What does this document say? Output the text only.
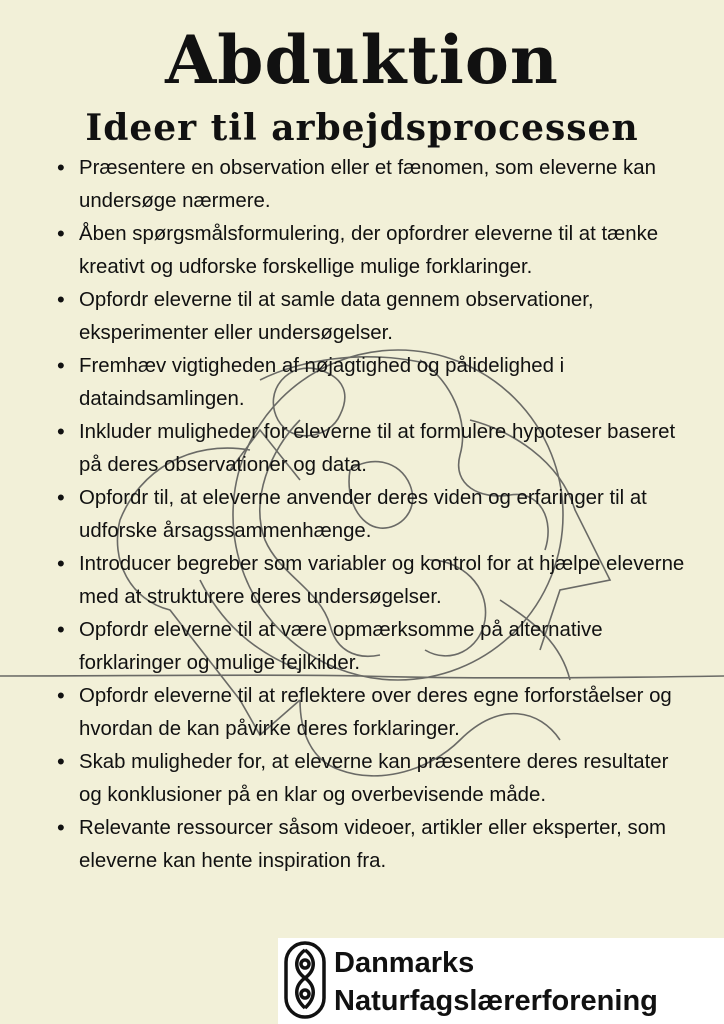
Abduktion
Ideer til arbejdsprocessen
• Præsentere en observation eller et fænomen, som eleverne kan undersøge nærmere.
• Åben spørgsmålsformulering, der opfordrer eleverne til at tænke kreativt og udforske forskellige mulige forklaringer.
• Opfordr eleverne til at samle data gennem observationer, eksperimenter eller undersøgelser.
• Fremhæv vigtigheden af nøjagtighed og pålidelighed i dataindsamlingen.
• Inkluder muligheder for eleverne til at formulere hypoteser baseret på deres observationer og data.
• Opfordr til, at eleverne anvender deres viden og erfaringer til at udforske årsagssammenhænge.
• Introducer begreber som variabler og kontrol for at hjælpe eleverne med at strukturere deres undersøgelser.
• Opfordr eleverne til at være opmærksomme på alternative forklaringer og mulige fejlkilder.
• Opfordr eleverne til at reflektere over deres egne forforståelser og hvordan de kan påvirke deres forklaringer.
• Skab muligheder for, at eleverne kan præsentere deres resultater og konklusioner på en klar og overbevisende måde.
• Relevante ressourcer såsom videoer, artikler eller eksperter, som eleverne kan hente inspiration fra.
Danmarks
Naturfagslærerforening
